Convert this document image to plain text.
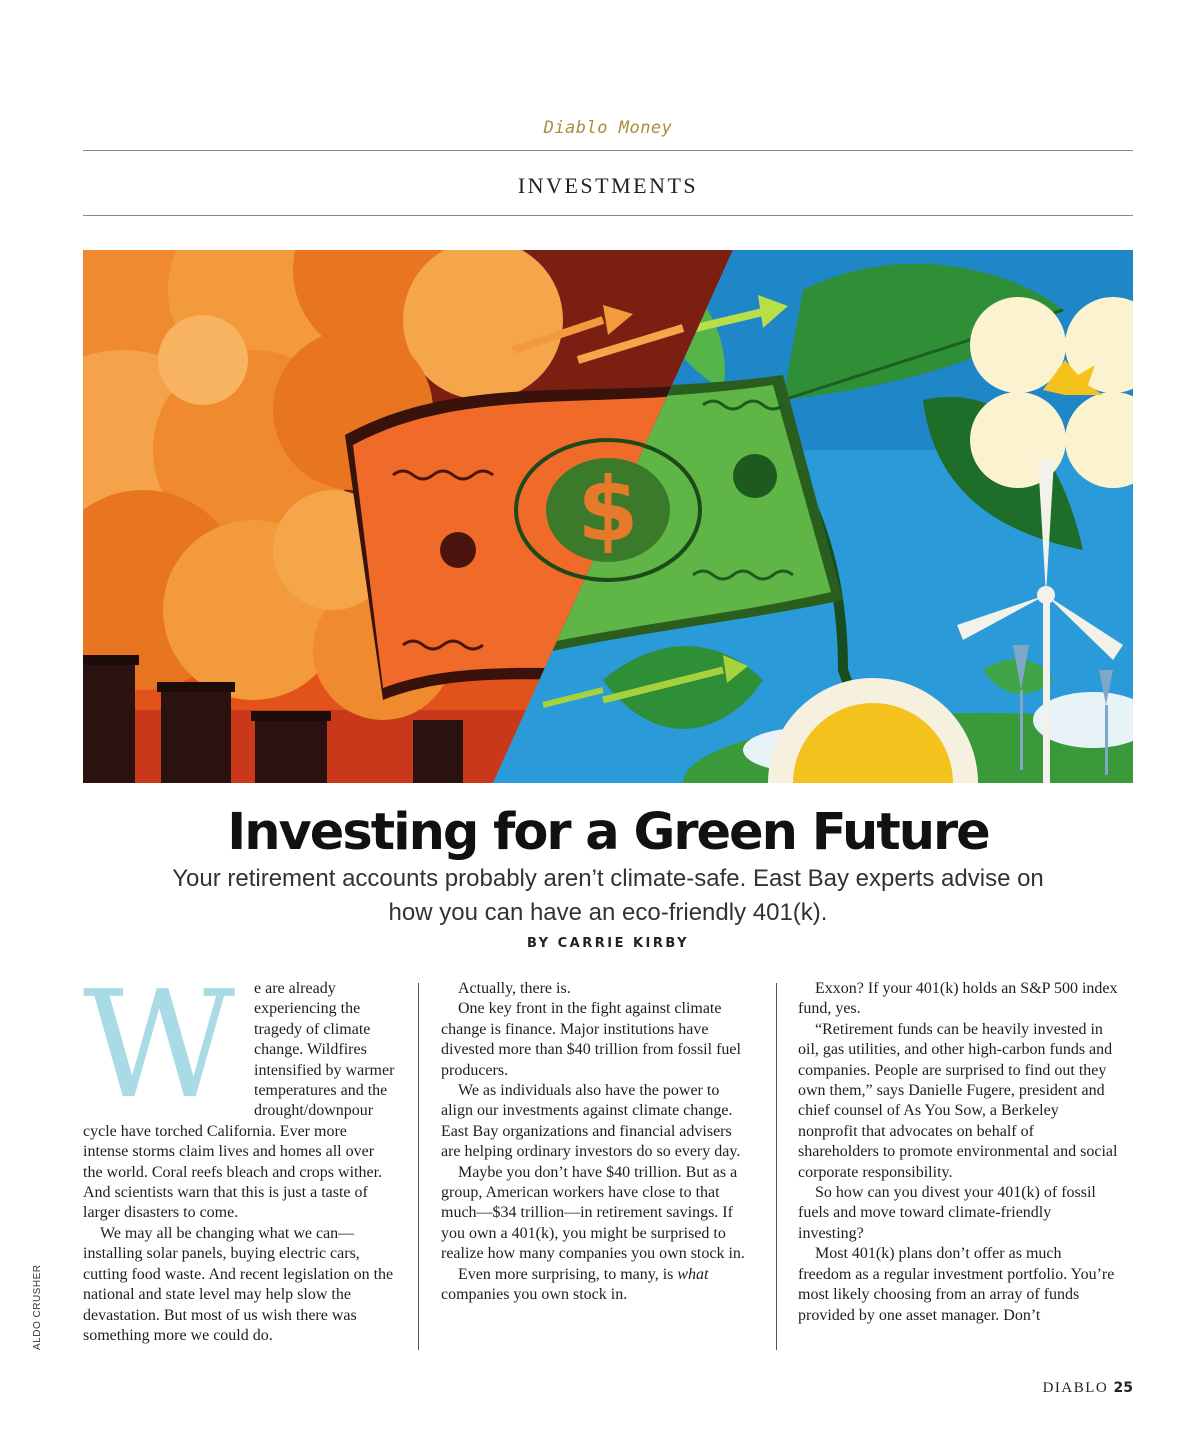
Diablo Money
INVESTMENTS
$
Investing for a Green Future

Your retirement accounts probably aren’t climate-safe. East Bay experts advise on how you can have an eco-friendly 401(k).

BY CARRIE KIRBY
W	e are already experiencing the tragedy of climate change. Wildfires intensified by warmer temperatures and the drought/downpour cycle have torched California. Ever more intense storms claim lives and homes all over the world. Coral reefs bleach and crops wither. And scientists warn that this is just a taste of larger disasters to come.

We may all be changing what we can—installing solar panels, buying electric cars, cutting food waste. And recent legislation on the national and state level may help slow the devastation. But most of us wish there was something more we could do.

Actually, there is.

One key front in the fight against climate change is finance. Major institutions have divested more than $40 trillion from fossil fuel producers.

We as individuals also have the power to align our investments against climate change. East Bay organizations and financial advisers are helping ordinary investors do so every day.

Maybe you don’t have $40 trillion. But as a group, American workers have close to that much—$34 trillion—in retirement savings. If you own a 401(k), you might be surprised to realize how many companies you own stock in.

Even more surprising, to many, is what companies you own stock in.

Exxon? If your 401(k) holds an S&P 500 index fund, yes.

“Retirement funds can be heavily invested in oil, gas utilities, and other high-carbon funds and companies. People are surprised to find out they own them,” says Danielle Fugere, president and chief counsel of As You Sow, a Berkeley nonprofit that advocates on behalf of shareholders to promote environmental and social corporate responsibility.

So how can you divest your 401(k) of fossil fuels and move toward climate-friendly investing?

Most 401(k) plans don’t offer as much freedom as a regular investment portfolio. You’re most likely choosing from an array of funds provided by one asset manager. Don’t

ALDO CRUSHER
DIABLO 25
